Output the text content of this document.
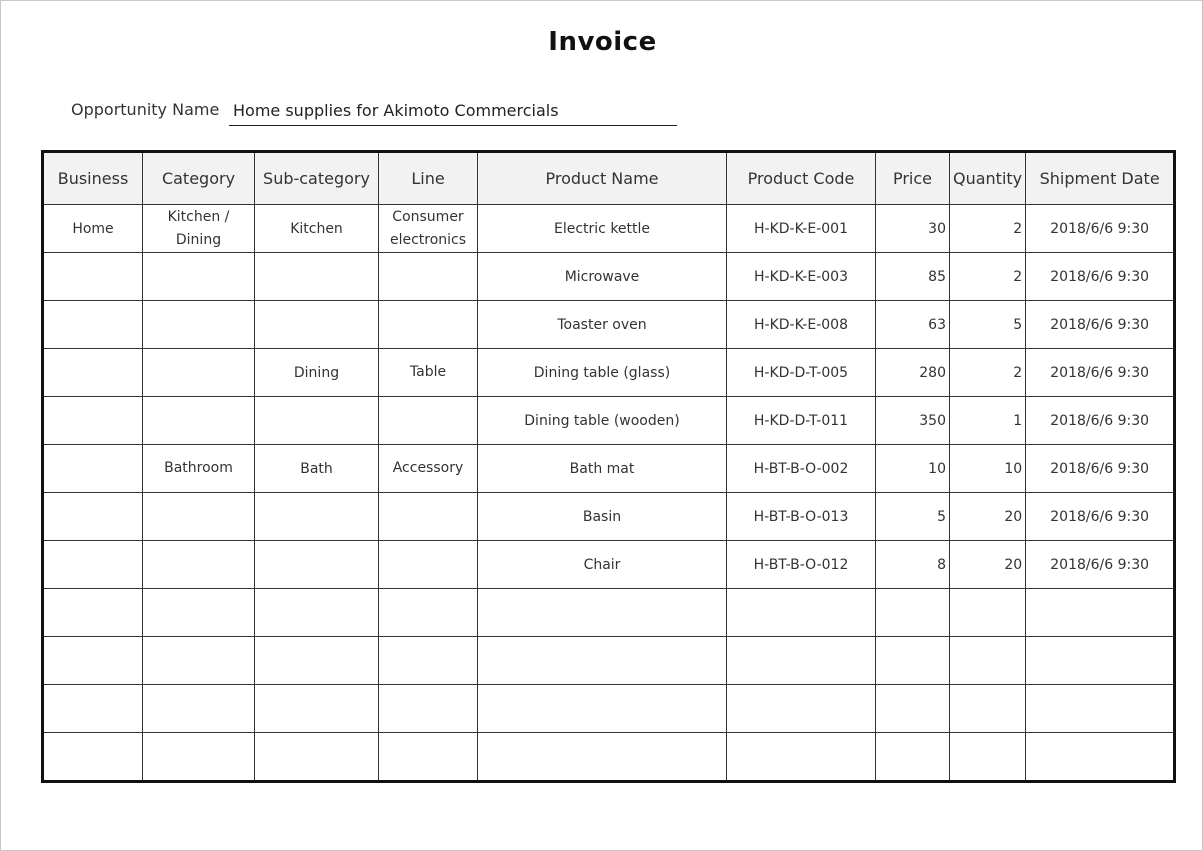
Invoice
Opportunity Name Home supplies for Akimoto Commercials
Business	Category	Sub-category	Line	Product Name	Product Code	Price	Quantity	Shipment Date
Home	Kitchen / Dining	Kitchen	Consumer electronics	Electric kettle	H-KD-K-E-001	30	2	2018/6/6 9:30
				Microwave	H-KD-K-E-003	85	2	2018/6/6 9:30
				Toaster oven	H-KD-K-E-008	63	5	2018/6/6 9:30
		Dining	Table	Dining table (glass)	H-KD-D-T-005	280	2	2018/6/6 9:30
				Dining table (wooden)	H-KD-D-T-011	350	1	2018/6/6 9:30
	Bathroom	Bath	Accessory	Bath mat	H-BT-B-O-002	10	10	2018/6/6 9:30
				Basin	H-BT-B-O-013	5	20	2018/6/6 9:30
				Chair	H-BT-B-O-012	8	20	2018/6/6 9:30
